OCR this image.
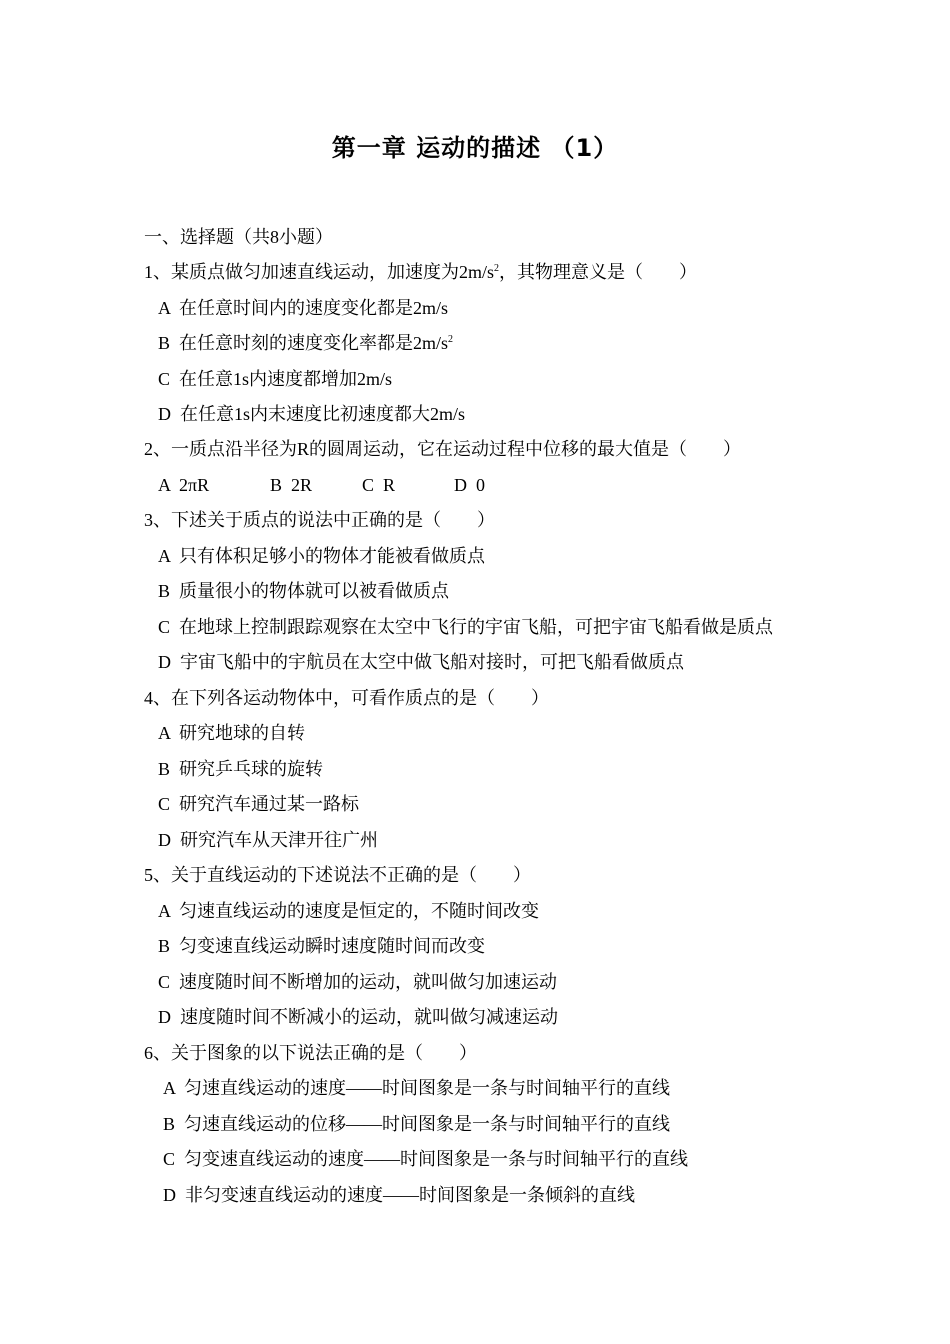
第一章 运动的描述 （1）
一、选择题（共8小题）
1、某质点做匀加速直线运动，加速度为$2m/s^2$，其物理意义是（　　）
A  在任意时间内的速度变化都是2m/s
B  在任意时刻的速度变化率都是$2m/s^2$
C  在任意1s内速度都增加2m/s
D  在任意1s内末速度比初速度都大2m/s
2、一质点沿半径为R的圆周运动，它在运动过程中位移的最大值是（　　）
A  2πR	B  2R	C  R	D  0
3、下述关于质点的说法中正确的是（　　）
A  只有体积足够小的物体才能被看做质点
B  质量很小的物体就可以被看做质点
C  在地球上控制跟踪观察在太空中飞行的宇宙飞船，可把宇宙飞船看做是质点
D  宇宙飞船中的宇航员在太空中做飞船对接时，可把飞船看做质点
4、在下列各运动物体中，可看作质点的是（　　）
A  研究地球的自转
B  研究乒乓球的旋转
C  研究汽车通过某一路标
D  研究汽车从天津开往广州
5、关于直线运动的下述说法不正确的是（　　）
A  匀速直线运动的速度是恒定的，不随时间改变
B  匀变速直线运动瞬时速度随时间而改变
C  速度随时间不断增加的运动，就叫做匀加速运动
D  速度随时间不断减小的运动，就叫做匀减速运动
6、关于图象的以下说法正确的是（　　）
A  匀速直线运动的速度——时间图象是一条与时间轴平行的直线
B  匀速直线运动的位移——时间图象是一条与时间轴平行的直线
C  匀变速直线运动的速度——时间图象是一条与时间轴平行的直线
D  非匀变速直线运动的速度——时间图象是一条倾斜的直线
